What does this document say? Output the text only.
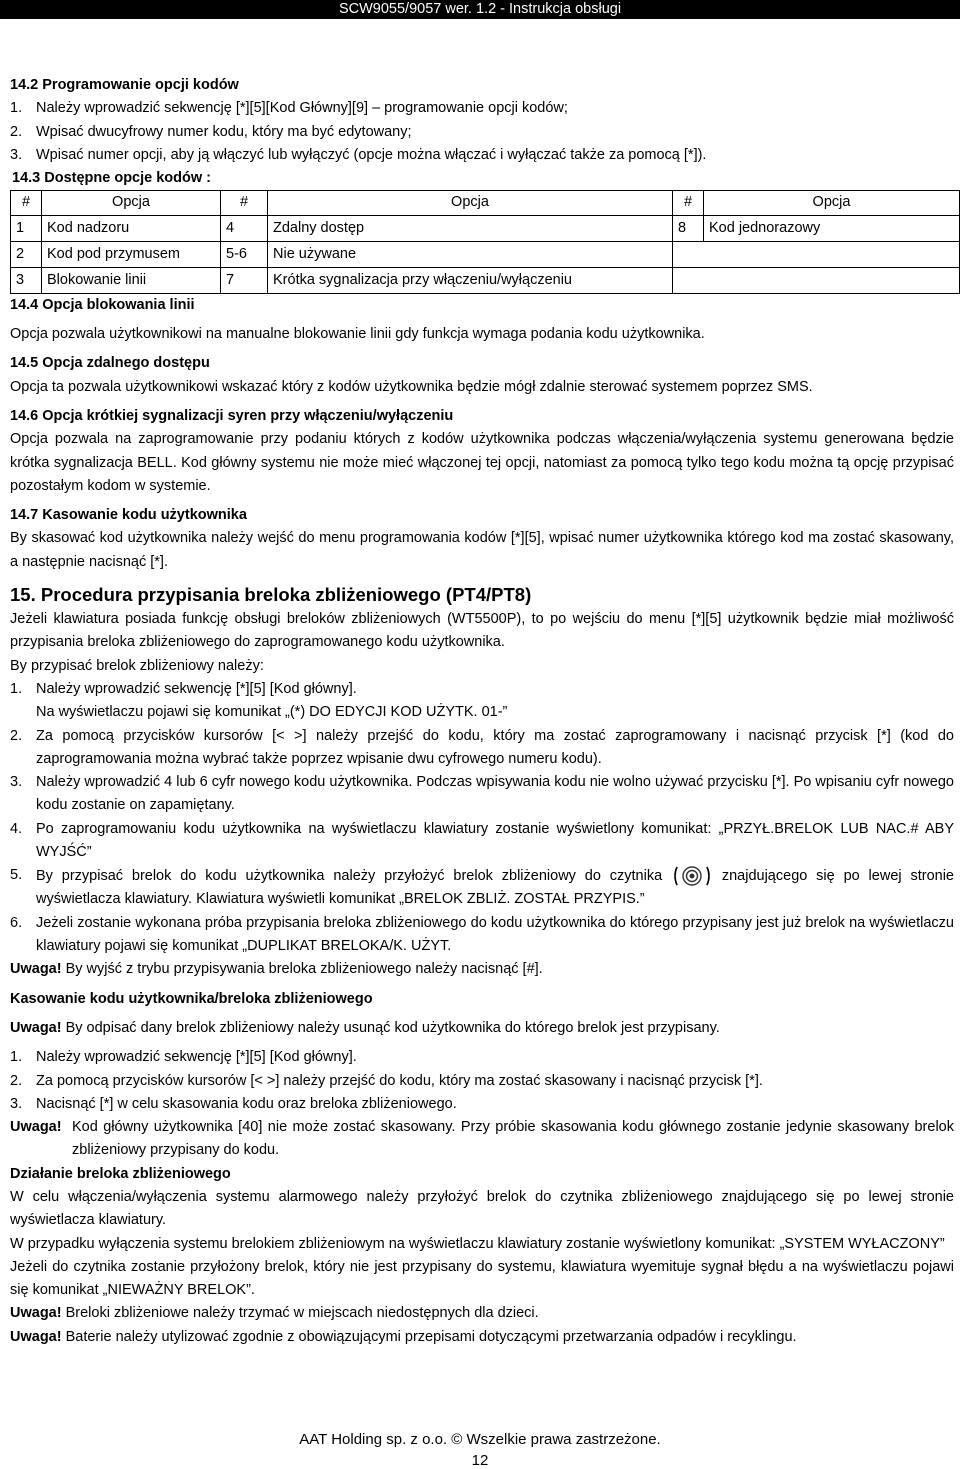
SCW9055/9057 wer. 1.2 - Instrukcja obsługi

14.2 Programowanie opcji kodów

1. Należy wprowadzić sekwencję [*][5][Kod Główny][9] – programowanie opcji kodów;
2. Wpisać dwucyfrowy numer kodu, który ma być edytowany;
3. Wpisać numer opcji, aby ją włączyć lub wyłączyć (opcje można włączać i wyłączać także za pomocą [*]).

14.3 Dostępne opcje kodów :

#	Opcja	#	Opcja	#	Opcja
1	Kod nadzoru	4	Zdalny dostęp	8	Kod jednorazowy
2	Kod pod przymusem	5-6	Nie używane		
3	Blokowanie linii	7	Krótka sygnalizacja przy włączeniu/wyłączeniu		

14.4 Opcja blokowania linii

Opcja pozwala użytkownikowi na manualne blokowanie linii gdy funkcja wymaga podania kodu użytkownika.

14.5 Opcja zdalnego dostępu

Opcja ta pozwala użytkownikowi wskazać który z kodów użytkownika będzie mógł zdalnie sterować systemem poprzez SMS.

14.6 Opcja krótkiej sygnalizacji syren przy włączeniu/wyłączeniu

Opcja pozwala na zaprogramowanie przy podaniu których z kodów użytkownika podczas włączenia/wyłączenia systemu generowana będzie krótka sygnalizacja BELL. Kod główny systemu nie może mieć włączonej tej opcji, natomiast za pomocą tylko tego kodu można tą opcję przypisać pozostałym kodom w systemie.

14.7 Kasowanie kodu użytkownika

By skasować kod użytkownika należy wejść do menu programowania kodów [*][5], wpisać numer użytkownika którego kod ma zostać skasowany, a następnie nacisnąć [*].

15. Procedura przypisania breloka zbliżeniowego (PT4/PT8)

Jeżeli klawiatura posiada funkcję obsługi breloków zbliżeniowych (WT5500P), to po wejściu do menu [*][5] użytkownik będzie miał możliwość przypisania breloka zbliżeniowego do zaprogramowanego kodu użytkownika.

By przypisać brelok zbliżeniowy należy:

1. Należy wprowadzić sekwencję [*][5] [Kod główny].
Na wyświetlaczu pojawi się komunikat „(*) DO EDYCJI KOD UŻYTK. 01-”
2. Za pomocą przycisków kursorów [< >] należy przejść do kodu, który ma zostać zaprogramowany i nacisnąć przycisk [*] (kod do zaprogramowania można wybrać także poprzez wpisanie dwu cyfrowego numeru kodu).
3. Należy wprowadzić 4 lub 6 cyfr nowego kodu użytkownika. Podczas wpisywania kodu nie wolno używać przycisku [*]. Po wpisaniu cyfr nowego kodu zostanie on zapamiętany.
4. Po zaprogramowaniu kodu użytkownika na wyświetlaczu klawiatury zostanie wyświetlony komunikat: „PRZYŁ.BRELOK LUB NAC.# ABY WYJŚĆ”
5. By przypisać brelok do kodu użytkownika należy przyłożyć brelok zbliżeniowy do czytnika	znajdującego się po lewej stronie wyświetlacza klawiatury. Klawiatura wyświetli komunikat „BRELOK ZBLIŻ. ZOSTAŁ PRZYPIS.”
6. Jeżeli zostanie wykonana próba przypisania breloka zbliżeniowego do kodu użytkownika do którego przypisany jest już brelok na wyświetlaczu klawiatury pojawi się komunikat „DUPLIKAT BRELOKA/K. UŻYT.

Uwaga! By wyjść z trybu przypisywania breloka zbliżeniowego należy nacisnąć [#].

Kasowanie kodu użytkownika/breloka zbliżeniowego

Uwaga! By odpisać dany brelok zbliżeniowy należy usunąć kod użytkownika do którego brelok jest przypisany.

1. Należy wprowadzić sekwencję [*][5] [Kod główny].
2. Za pomocą przycisków kursorów [< >] należy przejść do kodu, który ma zostać skasowany i nacisnąć przycisk [*].
3. Nacisnąć [*] w celu skasowania kodu oraz breloka zbliżeniowego.
Uwaga! Kod główny użytkownika [40] nie może zostać skasowany. Przy próbie skasowania kodu głównego zostanie jedynie skasowany brelok zbliżeniowy przypisany do kodu.

Działanie breloka zbliżeniowego

W celu włączenia/wyłączenia systemu alarmowego należy przyłożyć brelok do czytnika zbliżeniowego znajdującego się po lewej stronie wyświetlacza klawiatury.

W przypadku wyłączenia systemu brelokiem zbliżeniowym na wyświetlaczu klawiatury zostanie wyświetlony komunikat: „SYSTEM WYŁACZONY”

Jeżeli do czytnika zostanie przyłożony brelok, który nie jest przypisany do systemu, klawiatura wyemituje sygnał błędu a na wyświetlaczu pojawi się komunikat „NIEWAŻNY BRELOK”.

Uwaga! Breloki zbliżeniowe należy trzymać w miejscach niedostępnych dla dzieci.

Uwaga! Baterie należy utylizować zgodnie z obowiązującymi przepisami dotyczącymi przetwarzania odpadów i recyklingu.

AAT Holding sp. z o.o. © Wszelkie prawa zastrzeżone.
12
